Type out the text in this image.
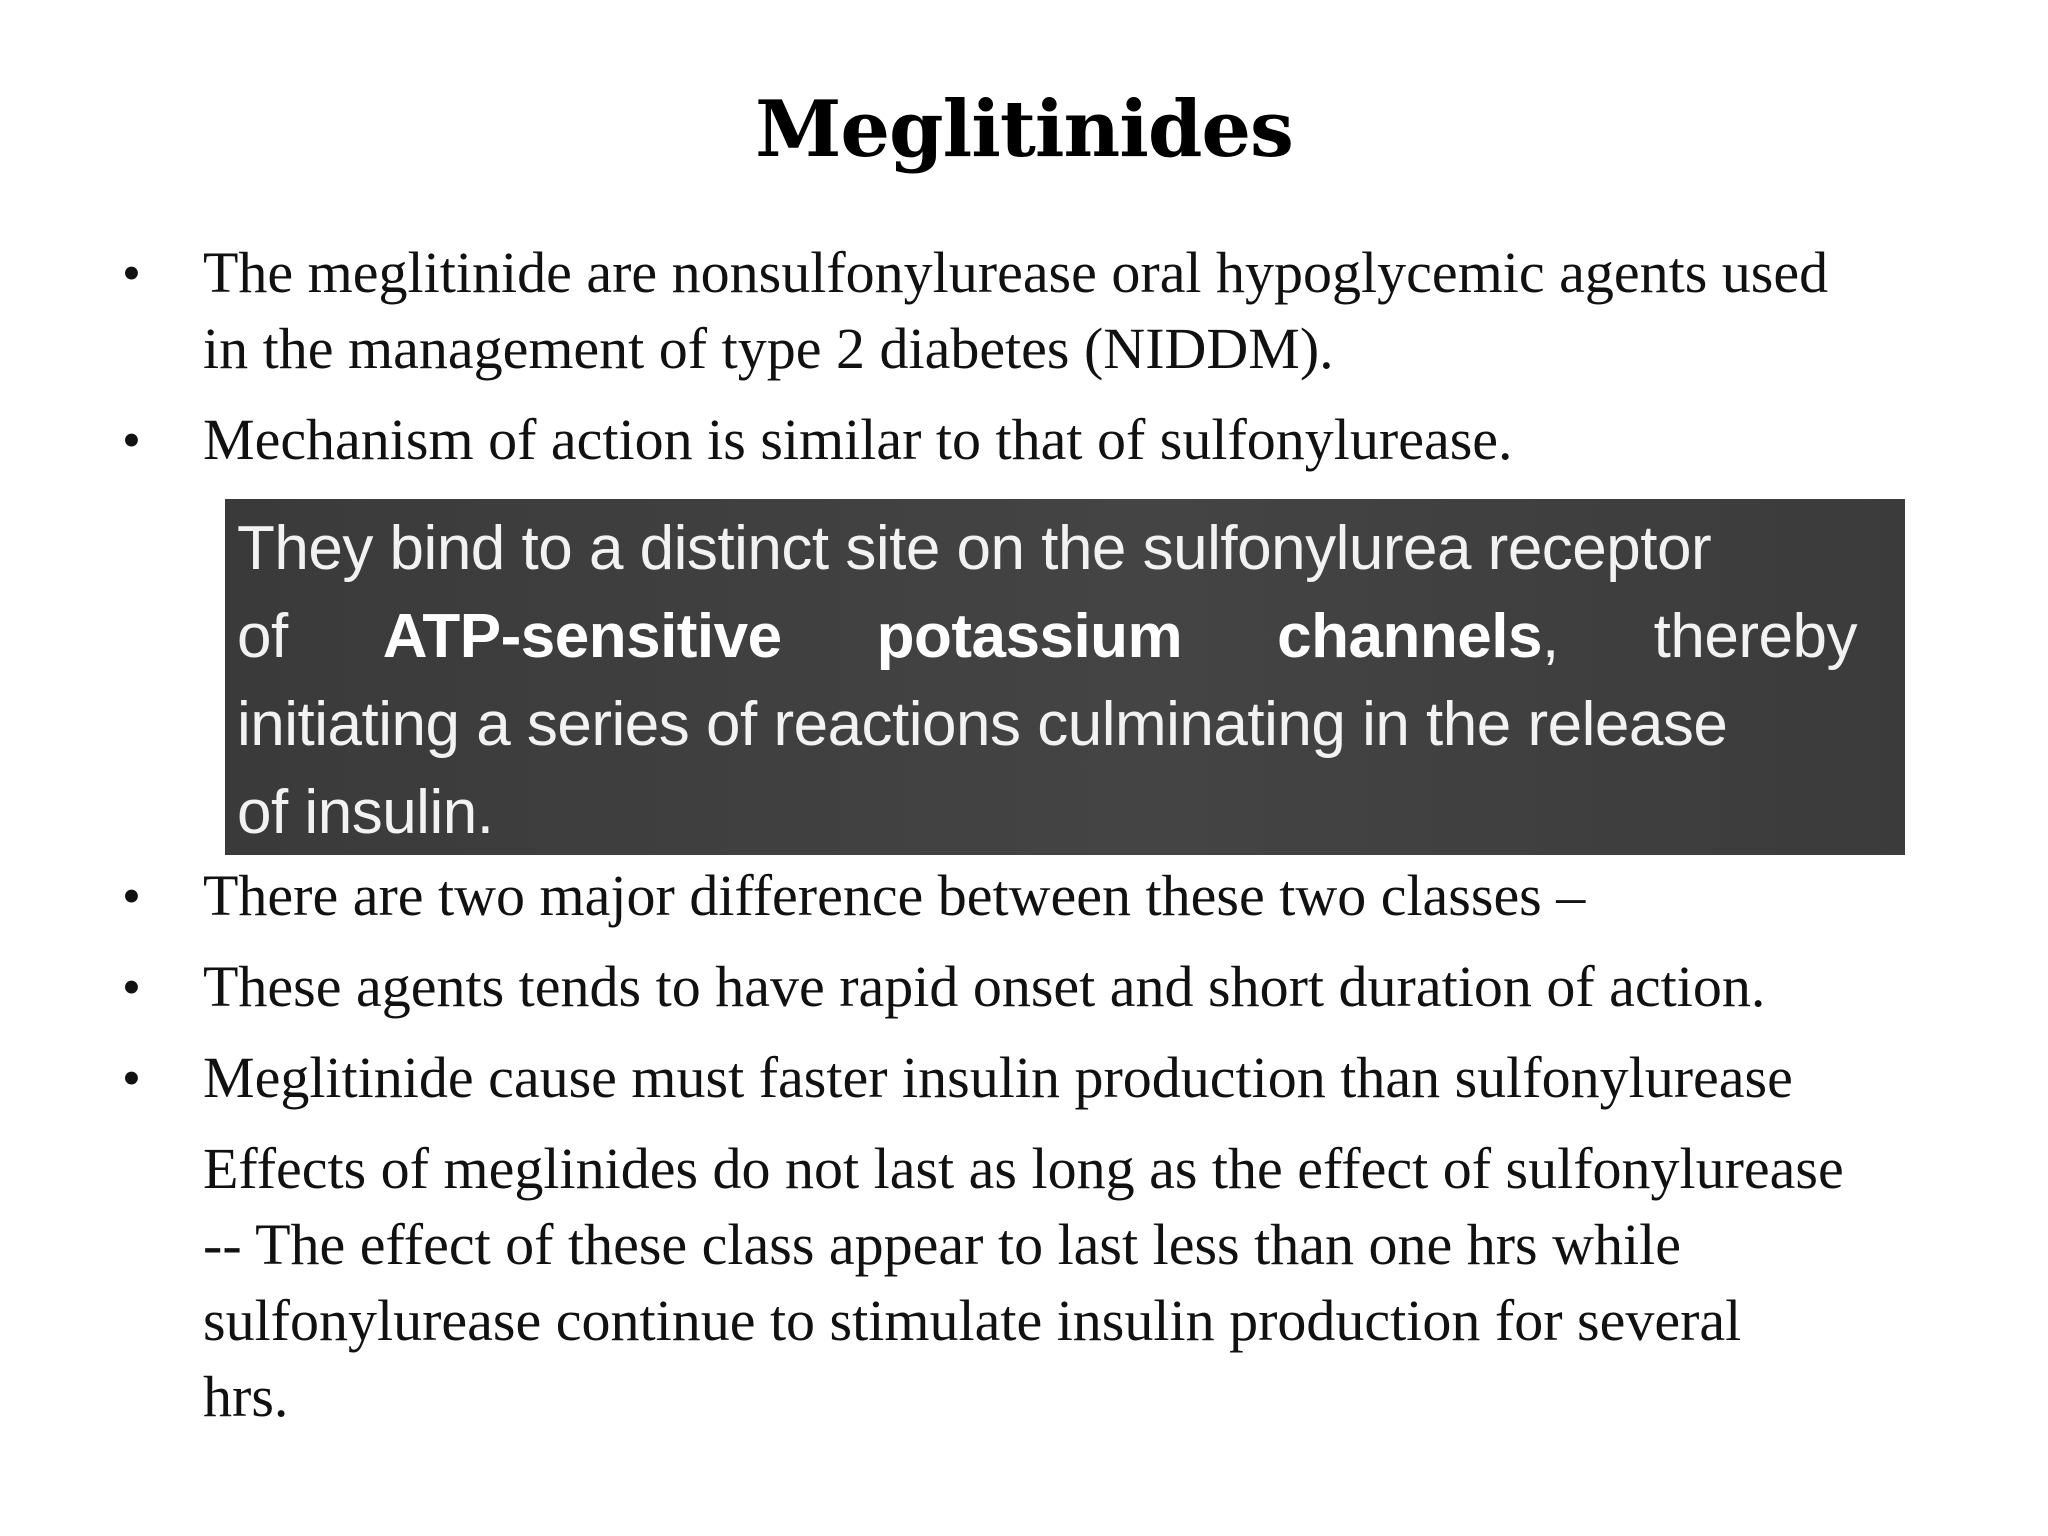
Meglitinides
• The meglitinide are nonsulfonylurease oral hypoglycemic agents used
in the management of type 2 diabetes (NIDDM).
• Mechanism of action is similar to that of sulfonylurease.
They bind to a distinct site on the sulfonylurea receptor
of ATP-sensitive potassium channels, thereby
initiating a series of reactions culminating in the release
of insulin.
• There are two major difference between these two classes –
• These agents tends to have rapid onset and short duration of action.
• Meglitinide cause must faster insulin production than sulfonylurease
Effects of meglinides do not last as long as the effect of sulfonylurease
-- The effect of these class appear to last less than one hrs while
sulfonylurease continue to stimulate insulin production for several
hrs.
